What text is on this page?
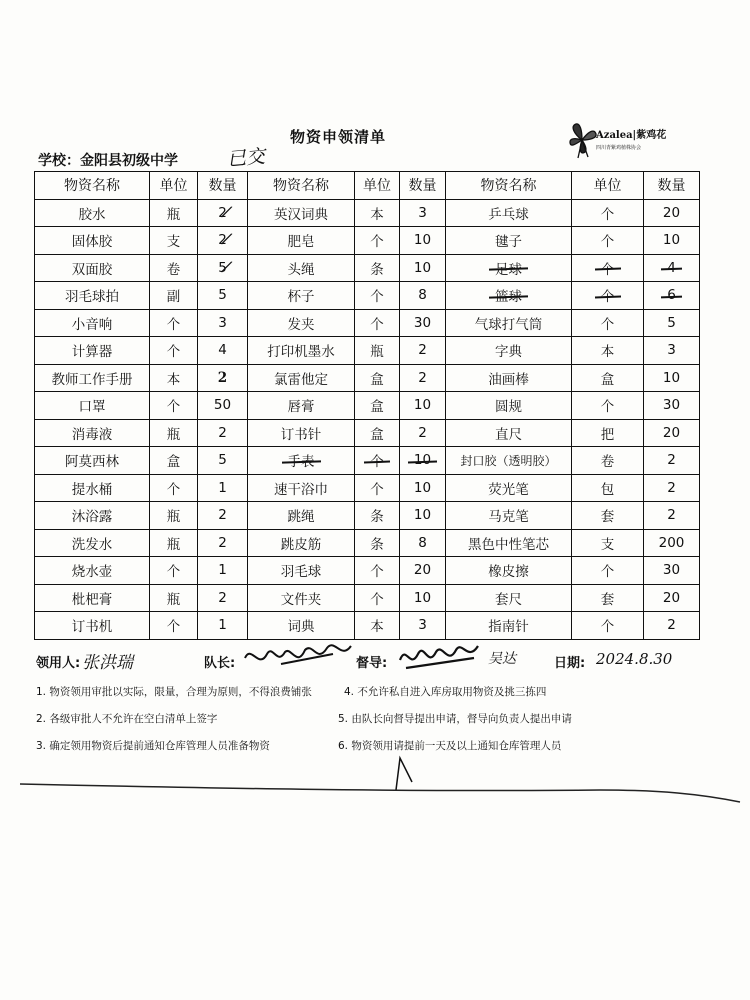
物资申领清单	Azalea|紫鸡花
四川青紫鸡植株协会
学校：金阳县初级中学	已交
物资名称	单位	数量	物资名称	单位	数量	物资名称	单位	数量
胶水	瓶	2 /	英汉词典	本	3	乒乓球	个	20
固体胶	支	2 /	肥皂	个	10	毽子	个	10
双面胶	卷	5 /	头绳	条	10	足球	个	4
羽毛球拍	副	5	杯子	个	8	篮球	个	6
小音响	个	3	发夹	个	30	气球打气筒	个	5
计算器	个	4	打印机墨水	瓶	2	字典	本	3
教师工作手册	本	2	氯雷他定	盒	2	油画棒	盒	10
口罩	个	50	唇膏	盒	10	圆规	个	30
消毒液	瓶	2	订书针	盒	2	直尺	把	20
阿莫西林	盒	5	手表	个	10	封口胶（透明胶）	卷	2
提水桶	个	1	速干浴巾	个	10	荧光笔	包	2
沐浴露	瓶	2	跳绳	条	10	马克笔	套	2
洗发水	瓶	2	跳皮筋	条	8	黑色中性笔芯	支	200
烧水壶	个	1	羽毛球	个	20	橡皮擦	个	30
枇杷膏	瓶	2	文件夹	个	10	套尺	套	20
订书机	个	1	词典	本	3	指南针	个	2
领用人: 张洪瑞	队长:	督导:	吴达	日期: 2024.8.30
1. 物资领用审批以实际，限量，合理为原则，不得浪费铺张	4. 不允许私自进入库房取用物资及挑三拣四
2. 各级审批人不允许在空白清单上签字	5. 由队长向督导提出申请，督导向负责人提出申请
3. 确定领用物资后提前通知仓库管理人员准备物资	6. 物资领用请提前一天及以上通知仓库管理人员
